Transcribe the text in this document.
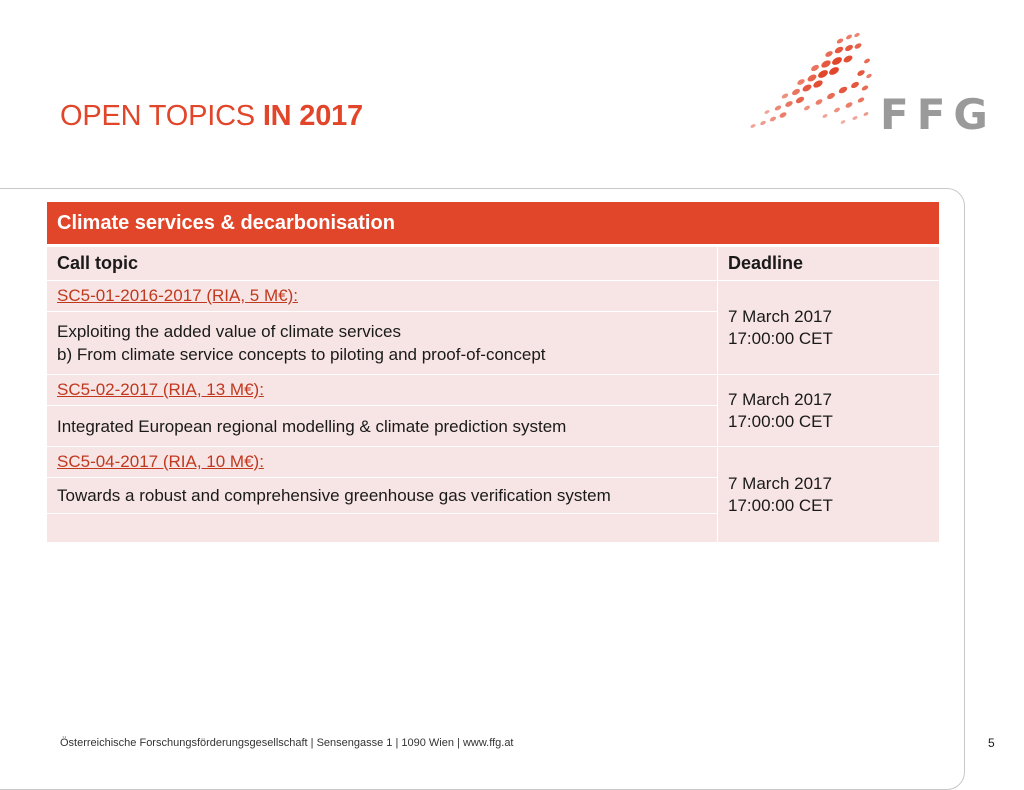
OPEN TOPICS IN 2017	FFG
Climate services & decarbonisation	
Call topic	Deadline
SC5-01-2016-2017 (RIA, 5 M€):	7 March 2017
17:00:00 CET

Exploiting the added value of climate services
b) From climate service concepts to piloting and proof-of-concept	

SC5-02-2017 (RIA, 13 M€):	7 March 2017
17:00:00 CET

Integrated European regional modelling & climate prediction system	

SC5-04-2017 (RIA, 10 M€):	7 March 2017
17:00:00 CET

Towards a robust and comprehensive greenhouse gas verification system	

Österreichische Forschungsförderungsgesellschaft | Sensengasse 1 | 1090 Wien | www.ffg.at	5
